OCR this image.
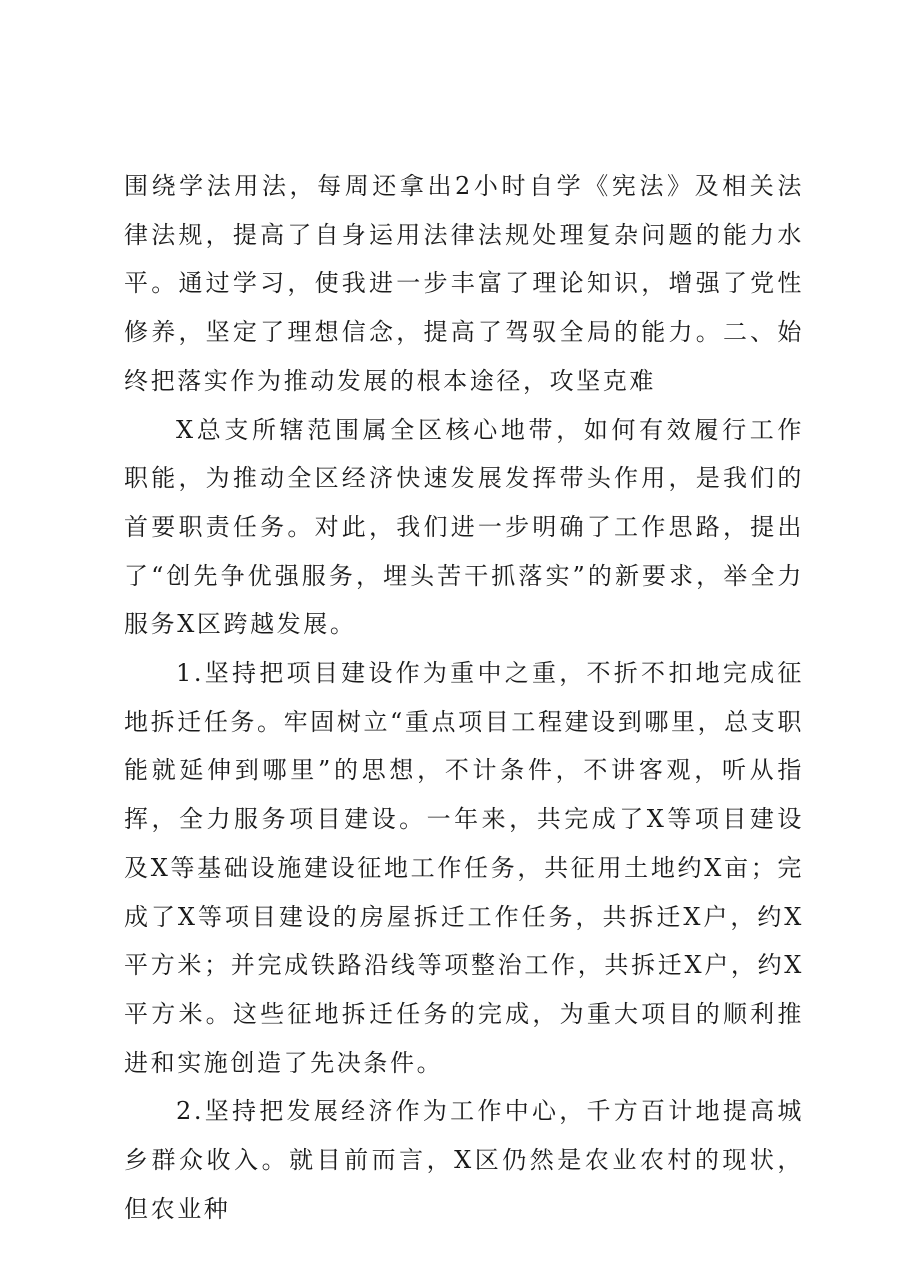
围绕学法用法，每周还拿出2小时自学《宪法》及相关法律法规，提高了自身运用法律法规处理复杂问题的能力水平。通过学习，使我进一步丰富了理论知识，增强了党性修养，坚定了理想信念，提高了驾驭全局的能力。二、始终把落实作为推动发展的根本途径，攻坚克难

X总支所辖范围属全区核心地带，如何有效履行工作职能，为推动全区经济快速发展发挥带头作用，是我们的首要职责任务。对此，我们进一步明确了工作思路，提出了“创先争优强服务，埋头苦干抓落实”的新要求，举全力服务X区跨越发展。

1.坚持把项目建设作为重中之重，不折不扣地完成征地拆迁任务。牢固树立“重点项目工程建设到哪里，总支职能就延伸到哪里”的思想，不计条件，不讲客观，听从指挥，全力服务项目建设。一年来，共完成了X等项目建设及X等基础设施建设征地工作任务，共征用土地约X亩；完成了X等项目建设的房屋拆迁工作任务，共拆迁X户，约X平方米；并完成铁路沿线等项整治工作，共拆迁X户，约X平方米。这些征地拆迁任务的完成，为重大项目的顺利推进和实施创造了先决条件。

2.坚持把发展经济作为工作中心，千方百计地提高城乡群众收入。就目前而言，X区仍然是农业农村的现状，但农业种
